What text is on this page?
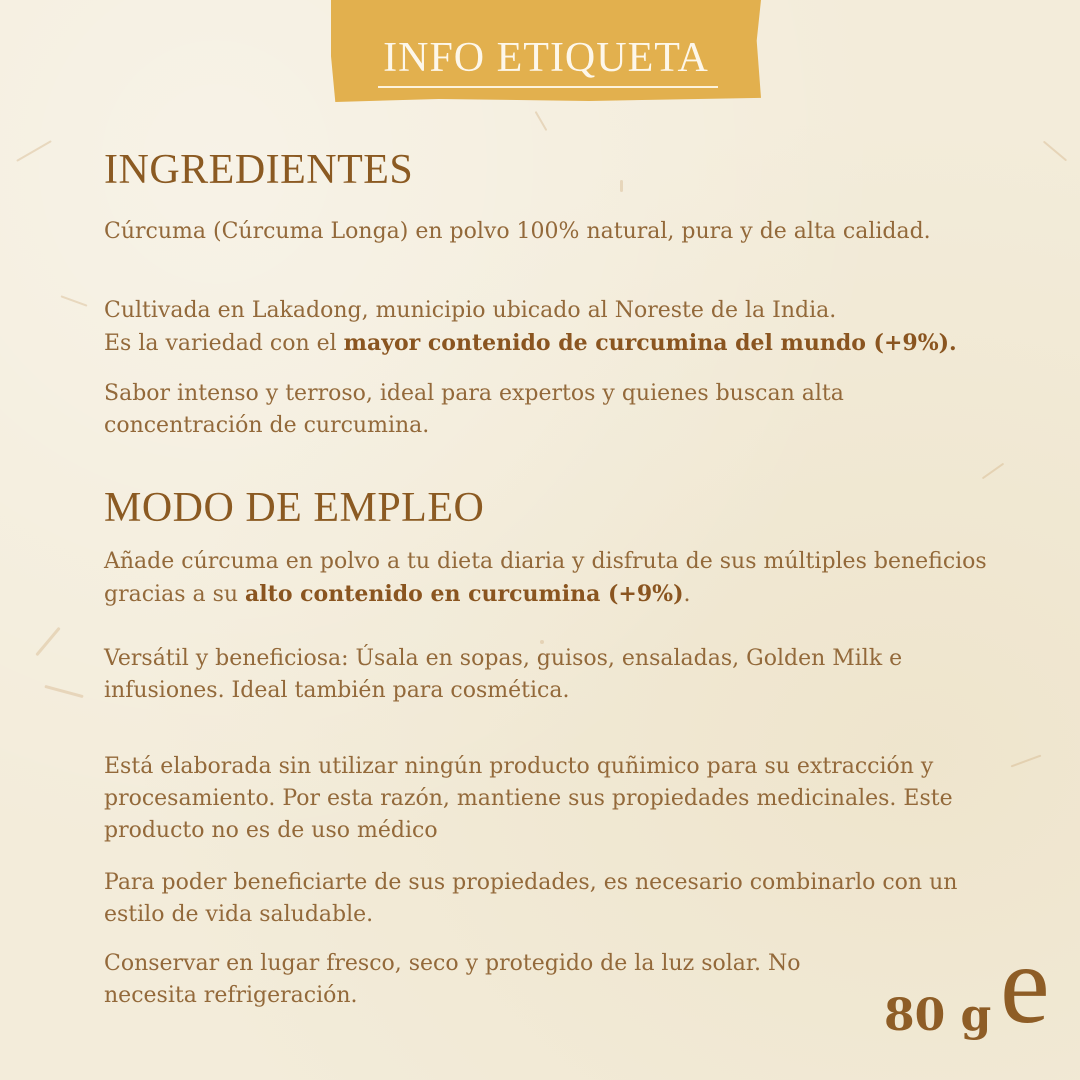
INFO ETIQUETA
INGREDIENTES

Cúrcuma (Cúrcuma Longa) en polvo 100% natural, pura y de alta calidad.

Cultivada en Lakadong, municipio ubicado al Noreste de la India.
Es la variedad con el mayor contenido de curcumina del mundo (+9%).

Sabor intenso y terroso, ideal para expertos y quienes buscan alta
concentración de curcumina.

MODO DE EMPLEO

Añade cúrcuma en polvo a tu dieta diaria y disfruta de sus múltiples beneficios
gracias a su alto contenido en curcumina (+9%).

Versátil y beneficiosa: Úsala en sopas, guisos, ensaladas, Golden Milk e
infusiones. Ideal también para cosmética.

Está elaborada sin utilizar ningún producto quñimico para su extracción y
procesamiento. Por esta razón, mantiene sus propiedades medicinales. Este
producto no es de uso médico

Para poder beneficiarte de sus propiedades, es necesario combinarlo con un
estilo de vida saludable.

Conservar en lugar fresco, seco y protegido de la luz solar. No
necesita refrigeración.	80 g e
